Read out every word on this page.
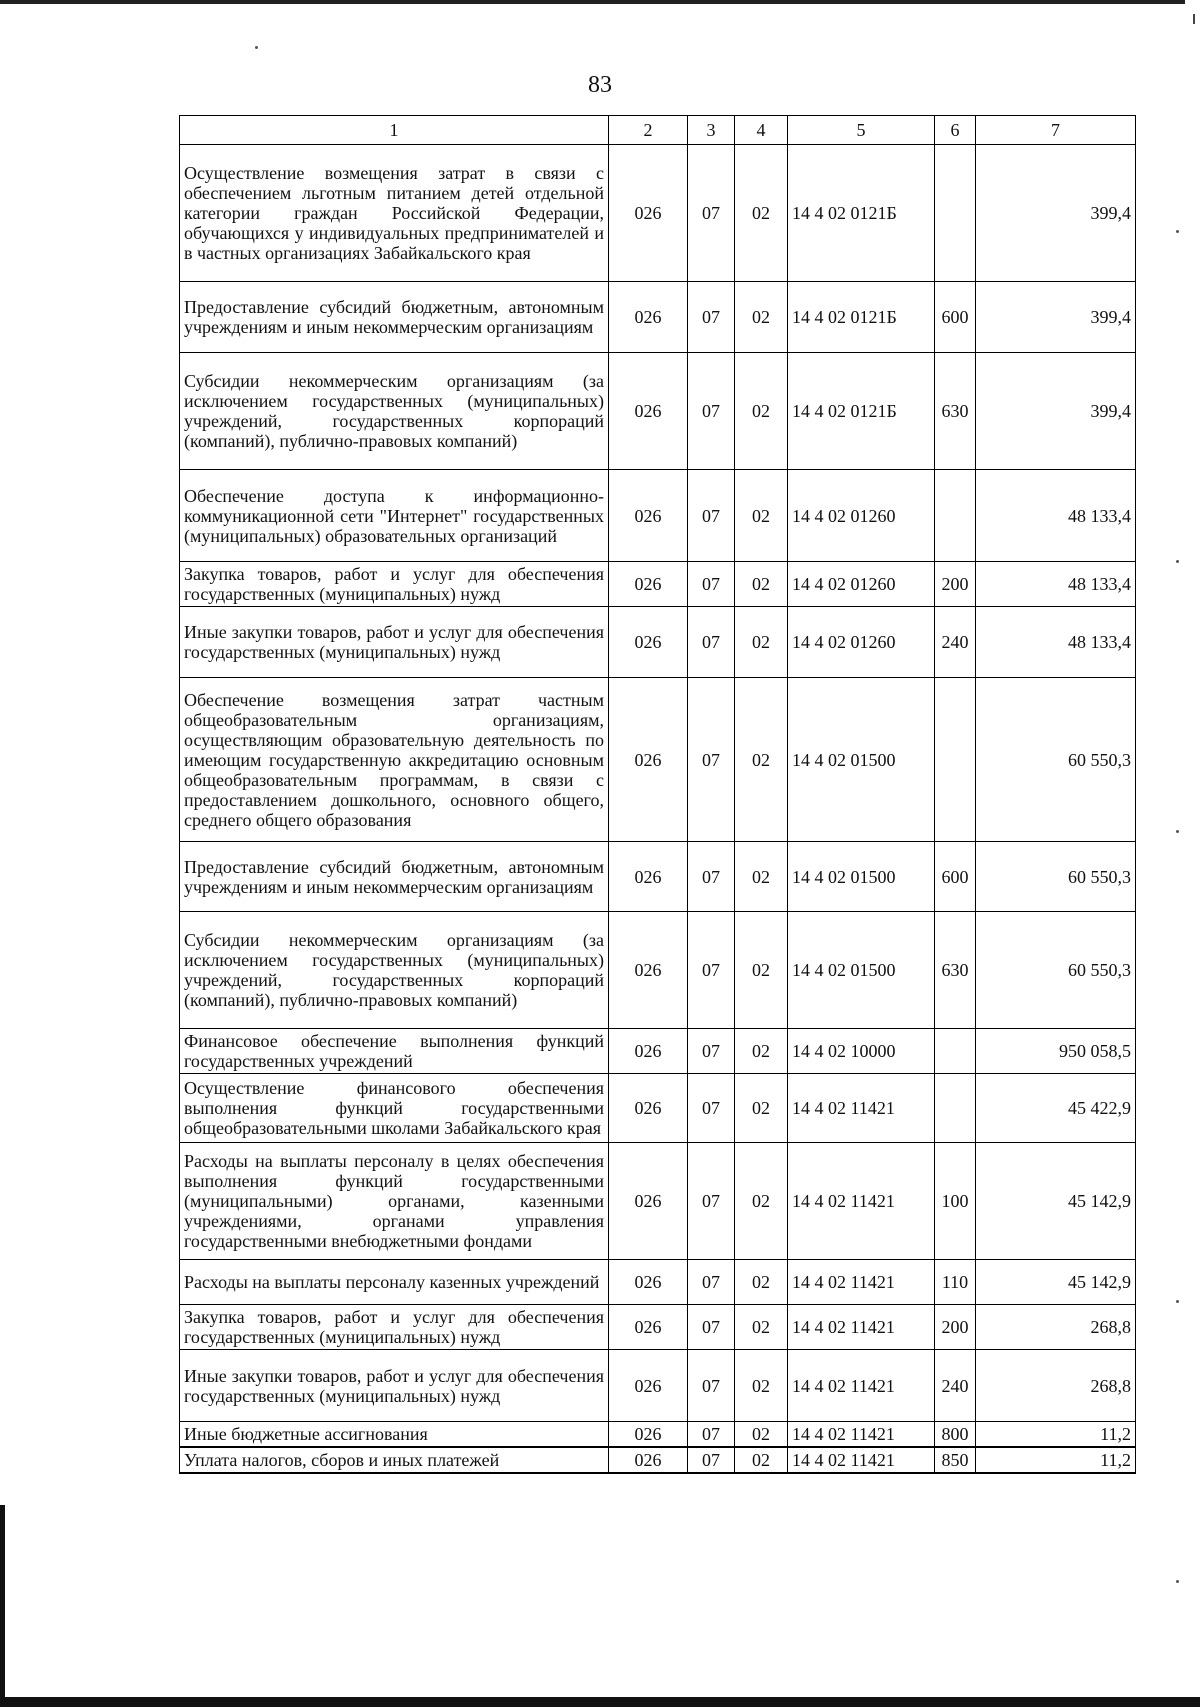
83
1	2	3	4	5	6	7
Осуществление возмещения затрат в связи с обеспечением льготным питанием детей отдельной категории граждан Российской Федерации, обучающихся у индивидуальных предпринимателей и в частных организациях Забайкальского края	026	07	02	14 4 02 0121Б		399,4
Предоставление субсидий бюджетным, автономным учреждениям и иным некоммерческим организациям	026	07	02	14 4 02 0121Б	600	399,4
Субсидии некоммерческим организациям (за исключением государственных (муниципальных) учреждений, государственных корпораций (компаний), публично-правовых компаний)	026	07	02	14 4 02 0121Б	630	399,4
Обеспечение доступа к информационно-коммуникационной сети "Интернет" государственных (муниципальных) образовательных организаций	026	07	02	14 4 02 01260		48 133,4
Закупка товаров, работ и услуг для обеспечения государственных (муниципальных) нужд	026	07	02	14 4 02 01260	200	48 133,4
Иные закупки товаров, работ и услуг для обеспечения государственных (муниципальных) нужд	026	07	02	14 4 02 01260	240	48 133,4
Обеспечение возмещения затрат частным общеобразовательным организациям, осуществляющим образовательную деятельность по имеющим государственную аккредитацию основным общеобразовательным программам, в связи с предоставлением дошкольного, основного общего, среднего общего образования	026	07	02	14 4 02 01500		60 550,3
Предоставление субсидий бюджетным, автономным учреждениям и иным некоммерческим организациям	026	07	02	14 4 02 01500	600	60 550,3
Субсидии некоммерческим организациям (за исключением государственных (муниципальных) учреждений, государственных корпораций (компаний), публично-правовых компаний)	026	07	02	14 4 02 01500	630	60 550,3
Финансовое обеспечение выполнения функций государственных учреждений	026	07	02	14 4 02 10000		950 058,5
Осуществление финансового обеспечения выполнения функций государственными общеобразовательными школами Забайкальского края	026	07	02	14 4 02 11421		45 422,9
Расходы на выплаты персоналу в целях обеспечения выполнения функций государственными (муниципальными) органами, казенными учреждениями, органами управления государственными внебюджетными фондами	026	07	02	14 4 02 11421	100	45 142,9
Расходы на выплаты персоналу казенных учреждений	026	07	02	14 4 02 11421	110	45 142,9
Закупка товаров, работ и услуг для обеспечения государственных (муниципальных) нужд	026	07	02	14 4 02 11421	200	268,8
Иные закупки товаров, работ и услуг для обеспечения государственных (муниципальных) нужд	026	07	02	14 4 02 11421	240	268,8
Иные бюджетные ассигнования	026	07	02	14 4 02 11421	800	11,2
Уплата налогов, сборов и иных платежей	026	07	02	14 4 02 11421	850	11,2
